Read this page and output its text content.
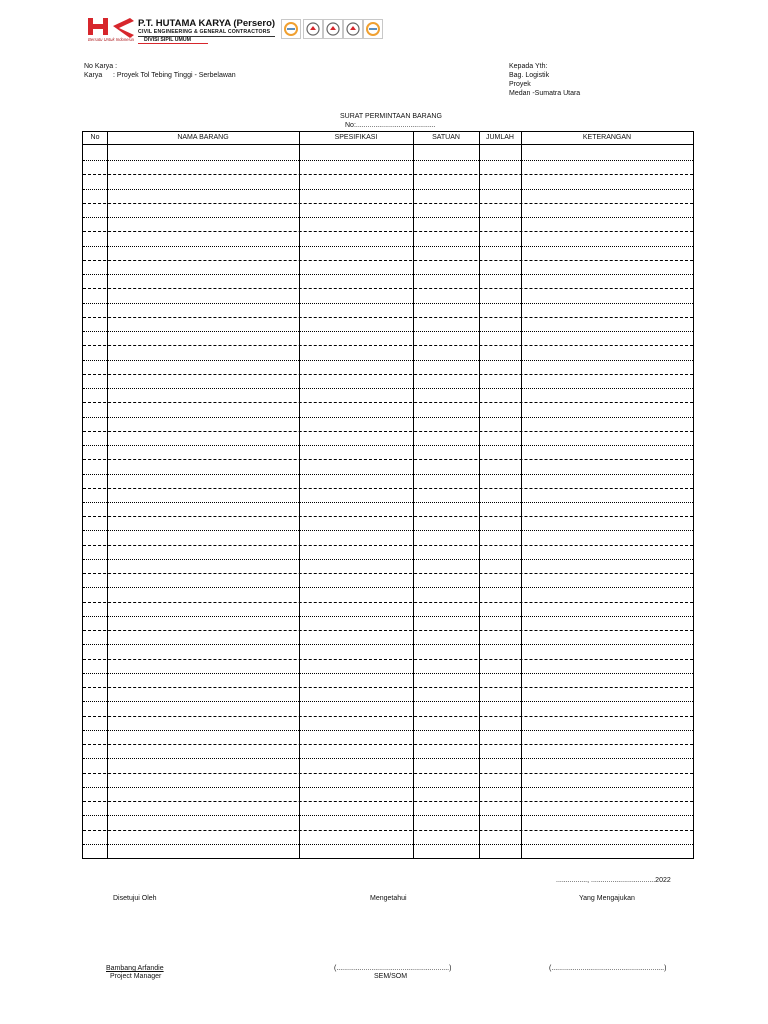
Bersatu Untuk Indonesia
P.T. HUTAMA KARYA (Persero)
CIVIL ENGINEERING & GENERAL CONTRACTORS
DIVISI SIPIL UMUM
No Karya :
Karya : Proyek Tol Tebing Tinggi - Serbelawan
Kepada Yth:
Bag. Logistik
Proyek
Medan -Sumatra Utara
SURAT PERMINTAAN BARANG
No:.........................................
No	NAMA BARANG	SPESIFIKASI	SATUAN	JUMLAH	KETERANGAN
................, .................................2022
Disetujui Oleh	Mengetahui	Yang Mengajukan
Bambang Arfandie
Project Manager
(..........................................................)
SEM/SOM
(..........................................................)
